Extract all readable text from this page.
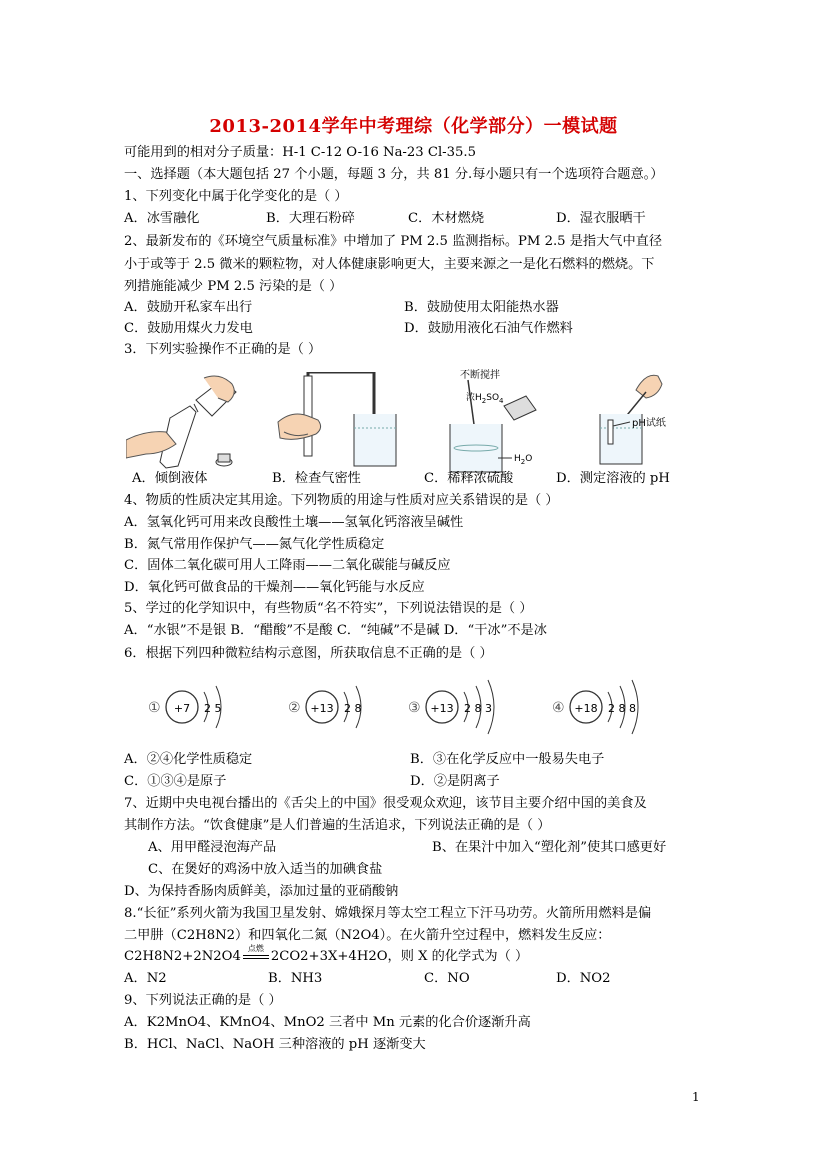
2013-2014学年中考理综（化学部分）一模试题
可能用到的相对分子质量：H-1 C-12 O-16 Na-23 Cl-35.5
一、选择题（本大题包括 27 个小题，每题 3 分，共 81 分.每小题只有一个选项符合题意。）
1、下列变化中属于化学变化的是（ ）
A．冰雪融化	B．大理石粉碎	C．木材燃烧	D．湿衣服晒干
2、最新发布的《环境空气质量标准》中增加了 PM 2.5 监测指标。PM 2.5 是指大气中直径
小于或等于 2.5 微米的颗粒物，对人体健康影响更大，主要来源之一是化石燃料的燃烧。下
列措施能减少 PM 2.5 污染的是（ ）
A．鼓励开私家车出行	B．鼓励使用太阳能热水器
C．鼓励用煤火力发电	D．鼓励用液化石油气作燃料
3．下列实验操作不正确的是（ ）
不断搅拌
浓$H_2SO_4$
$H_2O$
pH试纸
A．倾倒液体	B．检查气密性	C．稀释浓硫酸	D．测定溶液的 pH
4、物质的性质决定其用途。下列物质的用途与性质对应关系错误的是（ ）
A．氢氧化钙可用来改良酸性土壤——氢氧化钙溶液呈碱性
B．氮气常用作保护气——氮气化学性质稳定
C．固体二氧化碳可用人工降雨——二氧化碳能与碱反应
D．氧化钙可做食品的干燥剂——氧化钙能与水反应
5、学过的化学知识中，有些物质“名不符实”，下列说法错误的是（ ）
A．“水银”不是银 B．“醋酸”不是酸 C．“纯碱”不是碱 D．“干冰”不是冰
6．根据下列四种微粒结构示意图，所获取信息不正确的是（ ）
① +7 2 5	② +13 2 8	③ +13 2 8 3	④ +18 2 8 8
A．②④化学性质稳定	B．③在化学反应中一般易失电子
C．①③④是原子	D．②是阴离子
7、近期中央电视台播出的《舌尖上的中国》很受观众欢迎，该节目主要介绍中国的美食及
其制作方法。“饮食健康”是人们普遍的生活追求，下列说法正确的是（ ）
A、用甲醛浸泡海产品	B、在果汁中加入“塑化剂”使其口感更好
C、在煲好的鸡汤中放入适当的加碘食盐
D、为保持香肠肉质鲜美，添加过量的亚硝酸钠
8.“长征”系列火箭为我国卫星发射、嫦娥探月等太空工程立下汗马功劳。火箭所用燃料是偏
二甲肼（C2H8N2）和四氧化二氮（N2O4）。在火箭升空过程中，燃料发生反应：
C2H8N2+2N2O4
点燃
2CO2+3X+4H2O，则 X 的化学式为（ ）
A．N2	B．NH3	C．NO	D．NO2
9、下列说法正确的是（ ）
A．K2MnO4、KMnO4、MnO2 三者中 Mn 元素的化合价逐渐升高
B．HCl、NaCl、NaOH 三种溶液的 pH 逐渐变大
1
